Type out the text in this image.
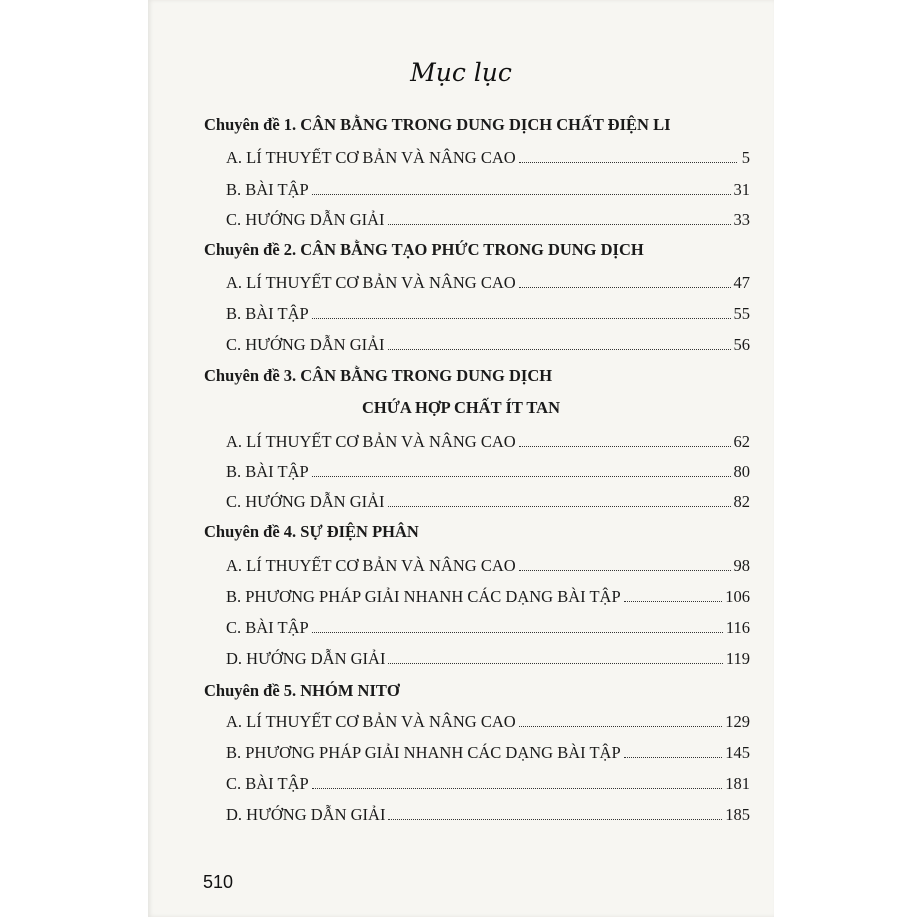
Mục lục
Chuyên đề 1. CÂN BẰNG TRONG DUNG DỊCH CHẤT ĐIỆN LI
A. LÍ THUYẾT CƠ BẢN VÀ NÂNG CAO	5
B. BÀI TẬP	31
C. HƯỚNG DẪN GIẢI	33
Chuyên đề 2. CÂN BẰNG TẠO PHỨC TRONG DUNG DỊCH
A. LÍ THUYẾT CƠ BẢN VÀ NÂNG CAO	47
B. BÀI TẬP	55
C. HƯỚNG DẪN GIẢI	56
Chuyên đề 3. CÂN BẰNG TRONG DUNG DỊCH
CHỨA HỢP CHẤT ÍT TAN
A. LÍ THUYẾT CƠ BẢN VÀ NÂNG CAO	62
B. BÀI TẬP	80
C. HƯỚNG DẪN GIẢI	82
Chuyên đề 4. SỰ ĐIỆN PHÂN
A. LÍ THUYẾT CƠ BẢN VÀ NÂNG CAO	98
B. PHƯƠNG PHÁP GIẢI NHANH CÁC DẠNG BÀI TẬP	106
C. BÀI TẬP	116
D. HƯỚNG DẪN GIẢI	119
Chuyên đề 5. NHÓM NITƠ
A. LÍ THUYẾT CƠ BẢN VÀ NÂNG CAO	129
B. PHƯƠNG PHÁP GIẢI NHANH CÁC DẠNG BÀI TẬP	145
C. BÀI TẬP	181
D. HƯỚNG DẪN GIẢI	185
510
